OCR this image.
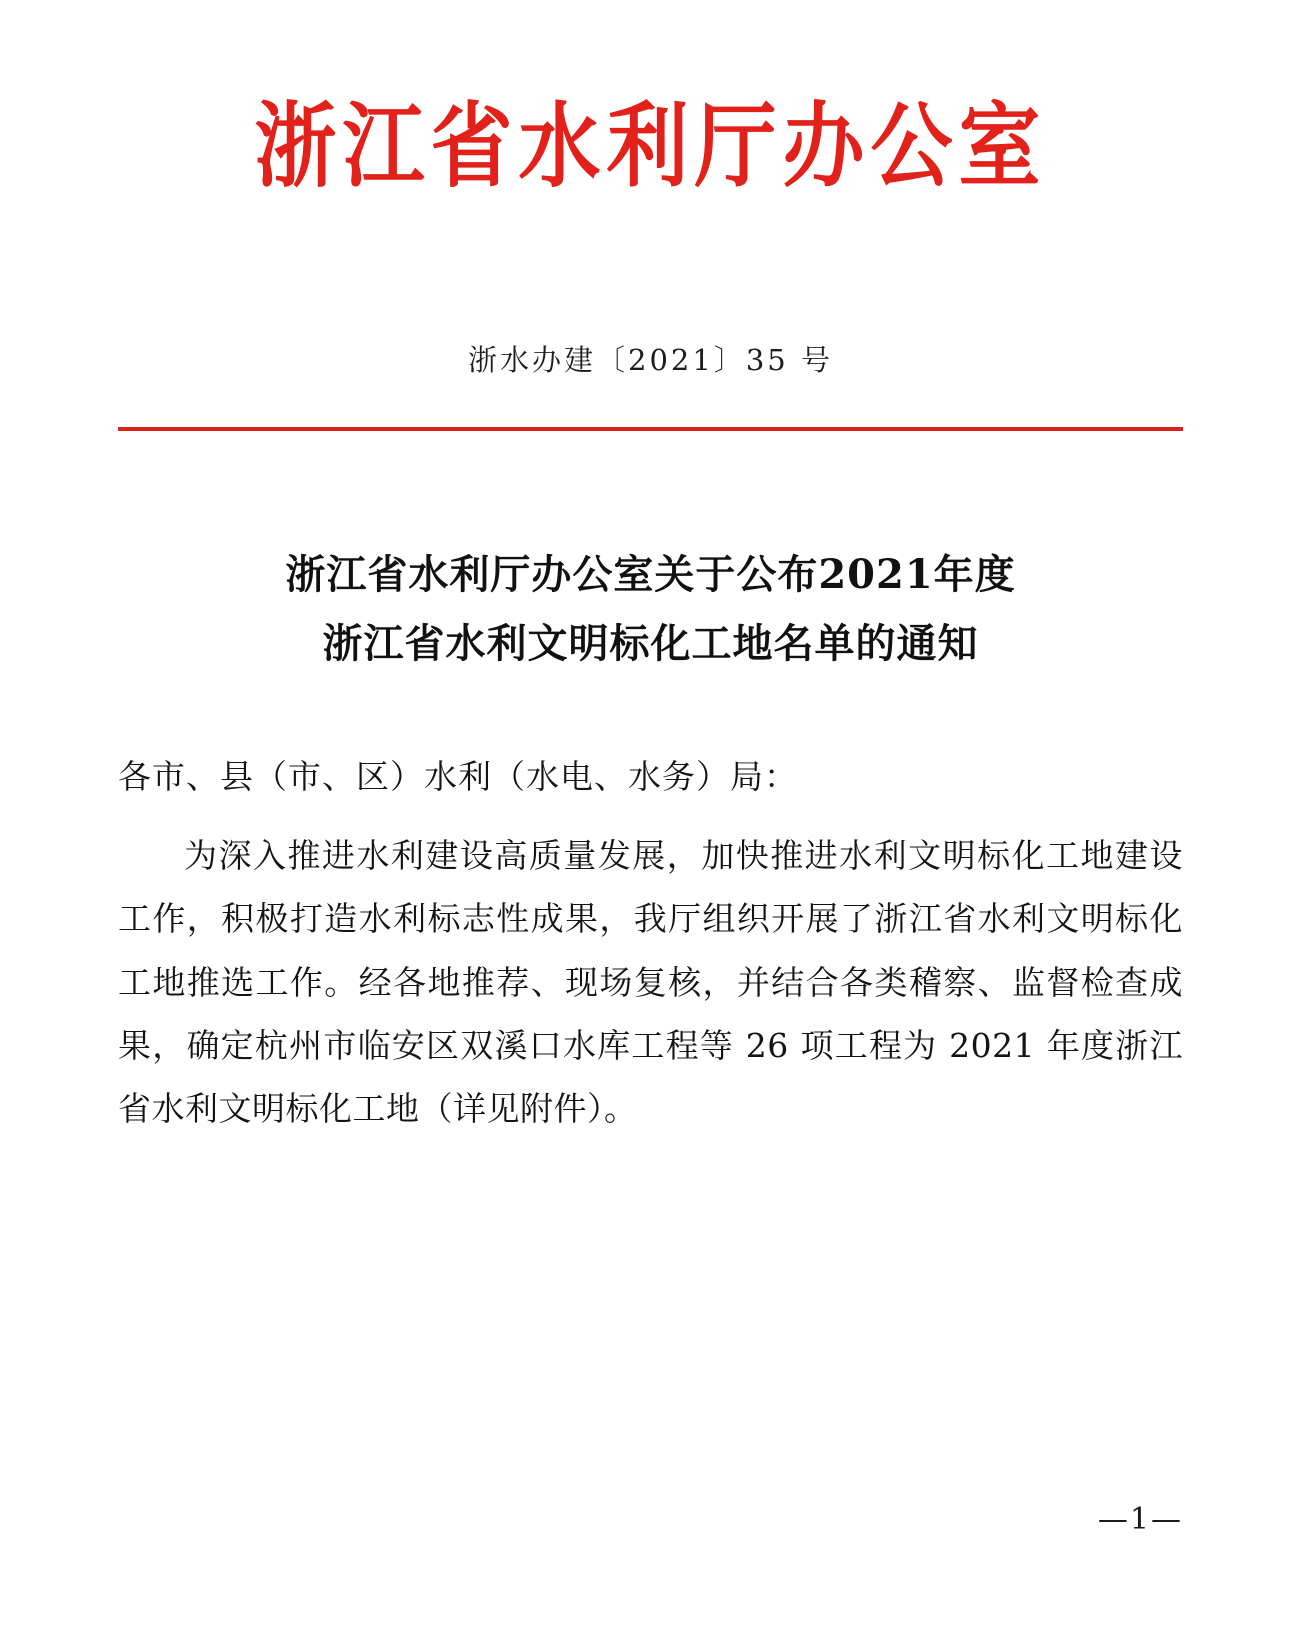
浙江省水利厅办公室
浙水办建〔2021〕35 号
浙江省水利厅办公室关于公布2021年度
浙江省水利文明标化工地名单的通知
各市、县（市、区）水利（水电、水务）局：
为深入推进水利建设高质量发展，加快推进水利文明标化工地建设工作，积极打造水利标志性成果，我厅组织开展了浙江省水利文明标化工地推选工作。经各地推荐、现场复核，并结合各类稽察、监督检查成果，确定杭州市临安区双溪口水库工程等 26 项工程为 2021 年度浙江省水利文明标化工地（详见附件）。
—1—
